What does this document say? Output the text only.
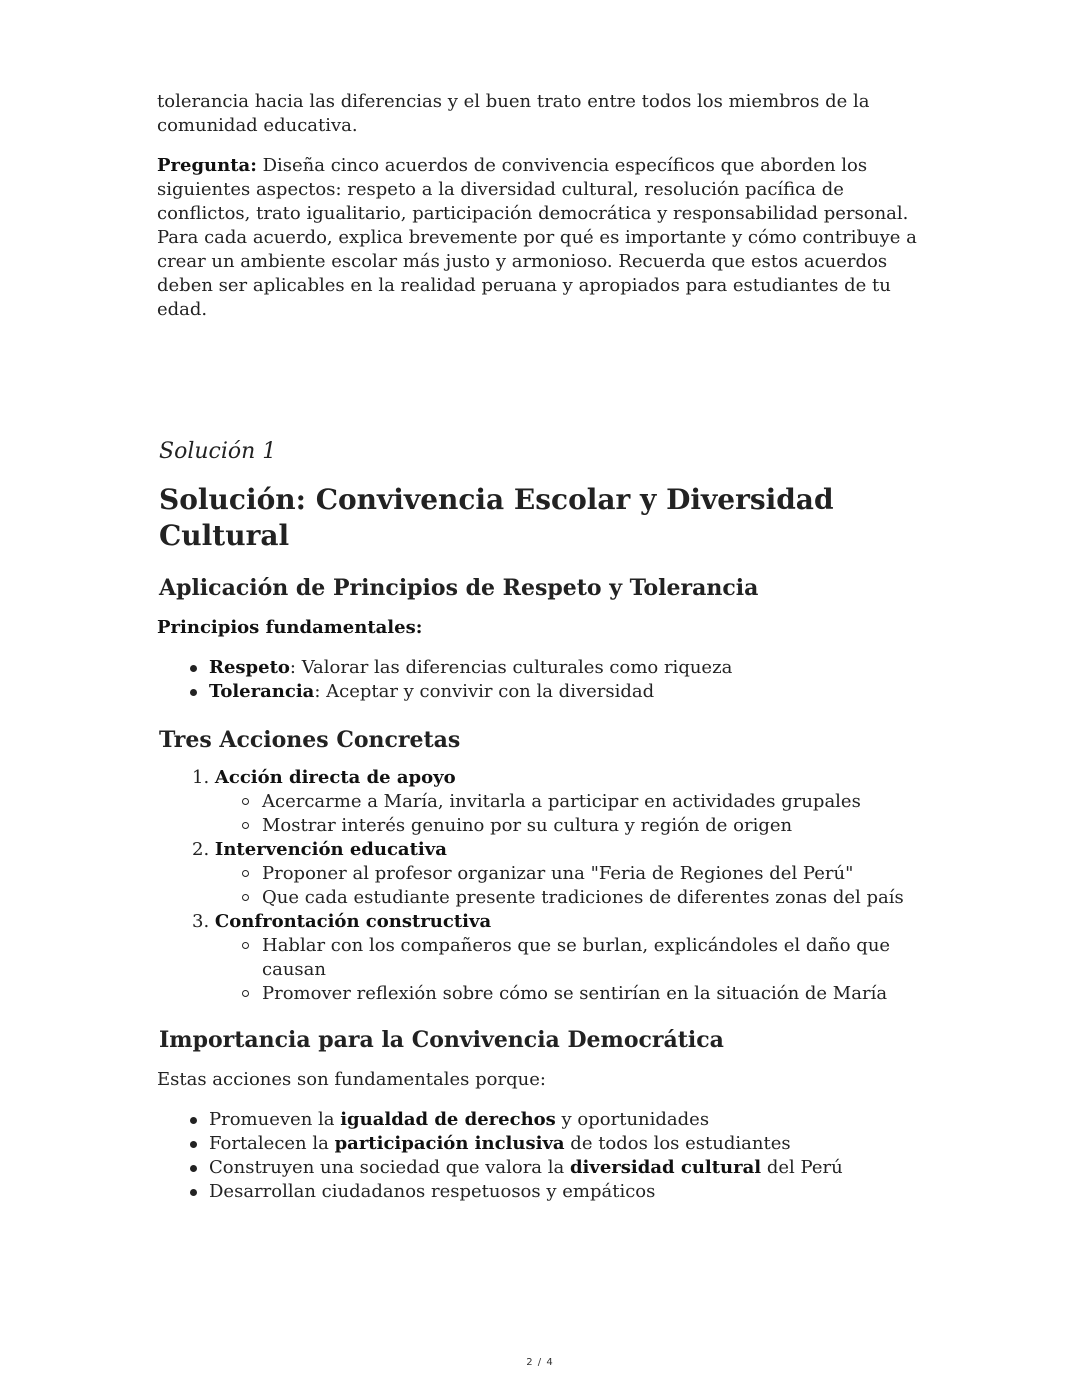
tolerancia hacia las diferencias y el buen trato entre todos los miembros de la comunidad educativa.

Pregunta: Diseña cinco acuerdos de convivencia específicos que aborden los siguientes aspectos: respeto a la diversidad cultural, resolución pacífica de conflictos, trato igualitario, participación democrática y responsabilidad personal. Para cada acuerdo, explica brevemente por qué es importante y cómo contribuye a crear un ambiente escolar más justo y armonioso. Recuerda que estos acuerdos deben ser aplicables en la realidad peruana y apropiados para estudiantes de tu edad.

Solución 1
Solución: Convivencia Escolar y Diversidad Cultural
Aplicación de Principios de Respeto y Tolerancia

Principios fundamentales:

Respeto: Valorar las diferencias culturales como riqueza
Tolerancia: Aceptar y convivir con la diversidad
Tres Acciones Concretas
1. Acción directa de apoyo
Acercarme a María, invitarla a participar en actividades grupales
Mostrar interés genuino por su cultura y región de origen
2. Intervención educativa
Proponer al profesor organizar una "Feria de Regiones del Perú"
Que cada estudiante presente tradiciones de diferentes zonas del país
3. Confrontación constructiva
Hablar con los compañeros que se burlan, explicándoles el daño que causan
Promover reflexión sobre cómo se sentirían en la situación de María
Importancia para la Convivencia Democrática

Estas acciones son fundamentales porque:

Promueven la igualdad de derechos y oportunidades
Fortalecen la participación inclusiva de todos los estudiantes
Construyen una sociedad que valora la diversidad cultural del Perú
Desarrollan ciudadanos respetuosos y empáticos
2 / 4
